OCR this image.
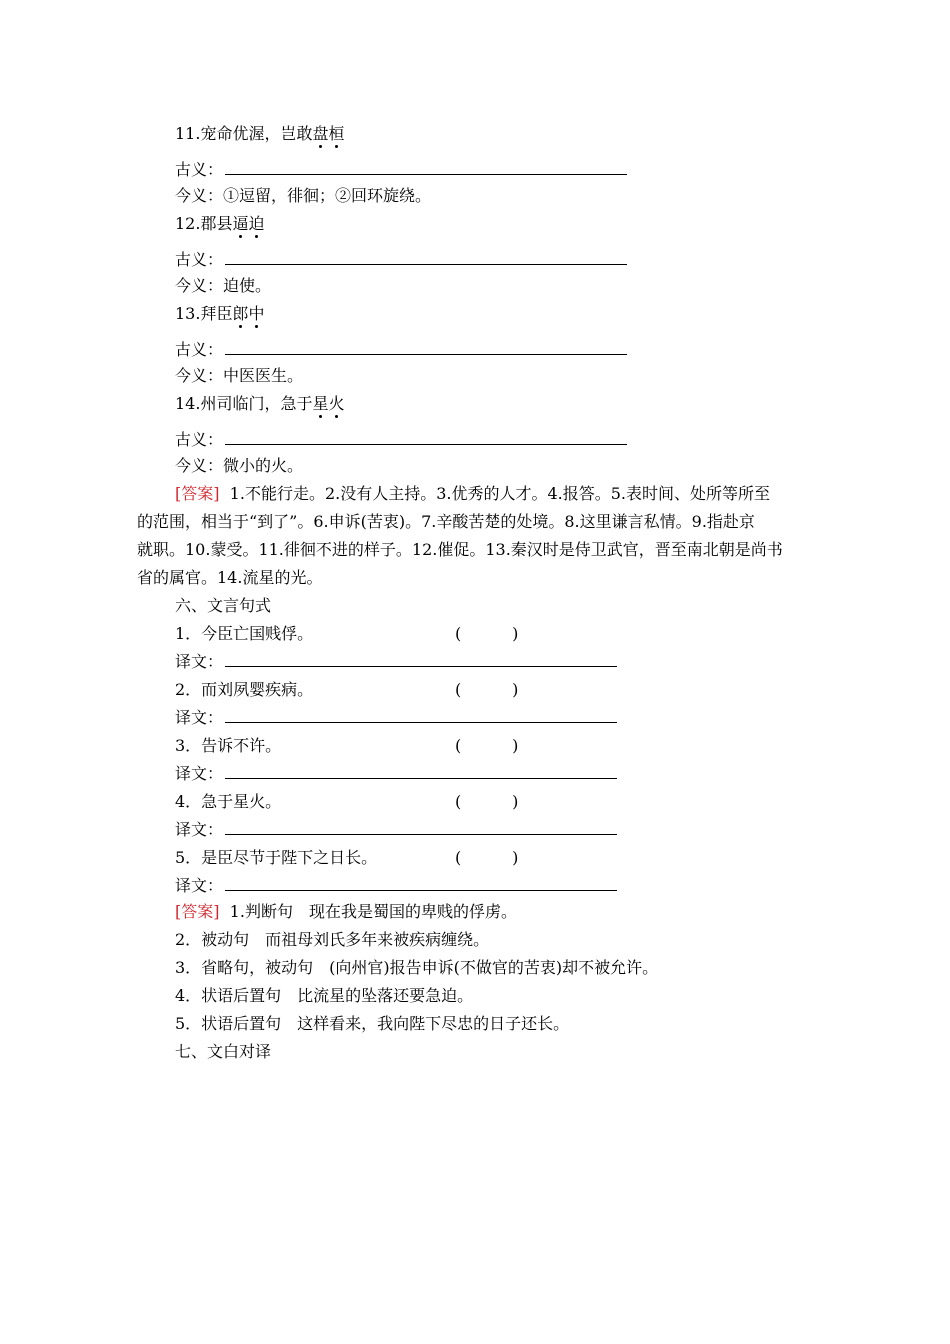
11.宠命优渥，岂敢盘桓
古义：
今义：①逗留，徘徊；②回环旋绕。
12.郡县逼迫
古义：
今义：迫使。
13.拜臣郎中
古义：
今义：中医医生。
14.州司临门，急于星火
古义：
今义：微小的火。
[答案] 1.不能行走。2.没有人主持。3.优秀的人才。4.报答。5.表时间、处所等所至
的范围，相当于“到了”。6.申诉(苦衷)。7.辛酸苦楚的处境。8.这里谦言私情。9.指赴京
就职。10.蒙受。11.徘徊不进的样子。12.催促。13.秦汉时是侍卫武官，晋至南北朝是尚书
省的属官。14.流星的光。
六、文言句式
1．今臣亡国贱俘。	(          )
译文：
2．而刘夙婴疾病。	(          )
译文：
3．告诉不许。	(          )
译文：
4．急于星火。	(          )
译文：
5．是臣尽节于陛下之日长。	(          )
译文：
[答案] 1.判断句　现在我是蜀国的卑贱的俘虏。
2．被动句　而祖母刘氏多年来被疾病缠绕。
3．省略句，被动句　(向州官)报告申诉(不做官的苦衷)却不被允许。
4．状语后置句　比流星的坠落还要急迫。
5．状语后置句　这样看来，我向陛下尽忠的日子还长。
七、文白对译
